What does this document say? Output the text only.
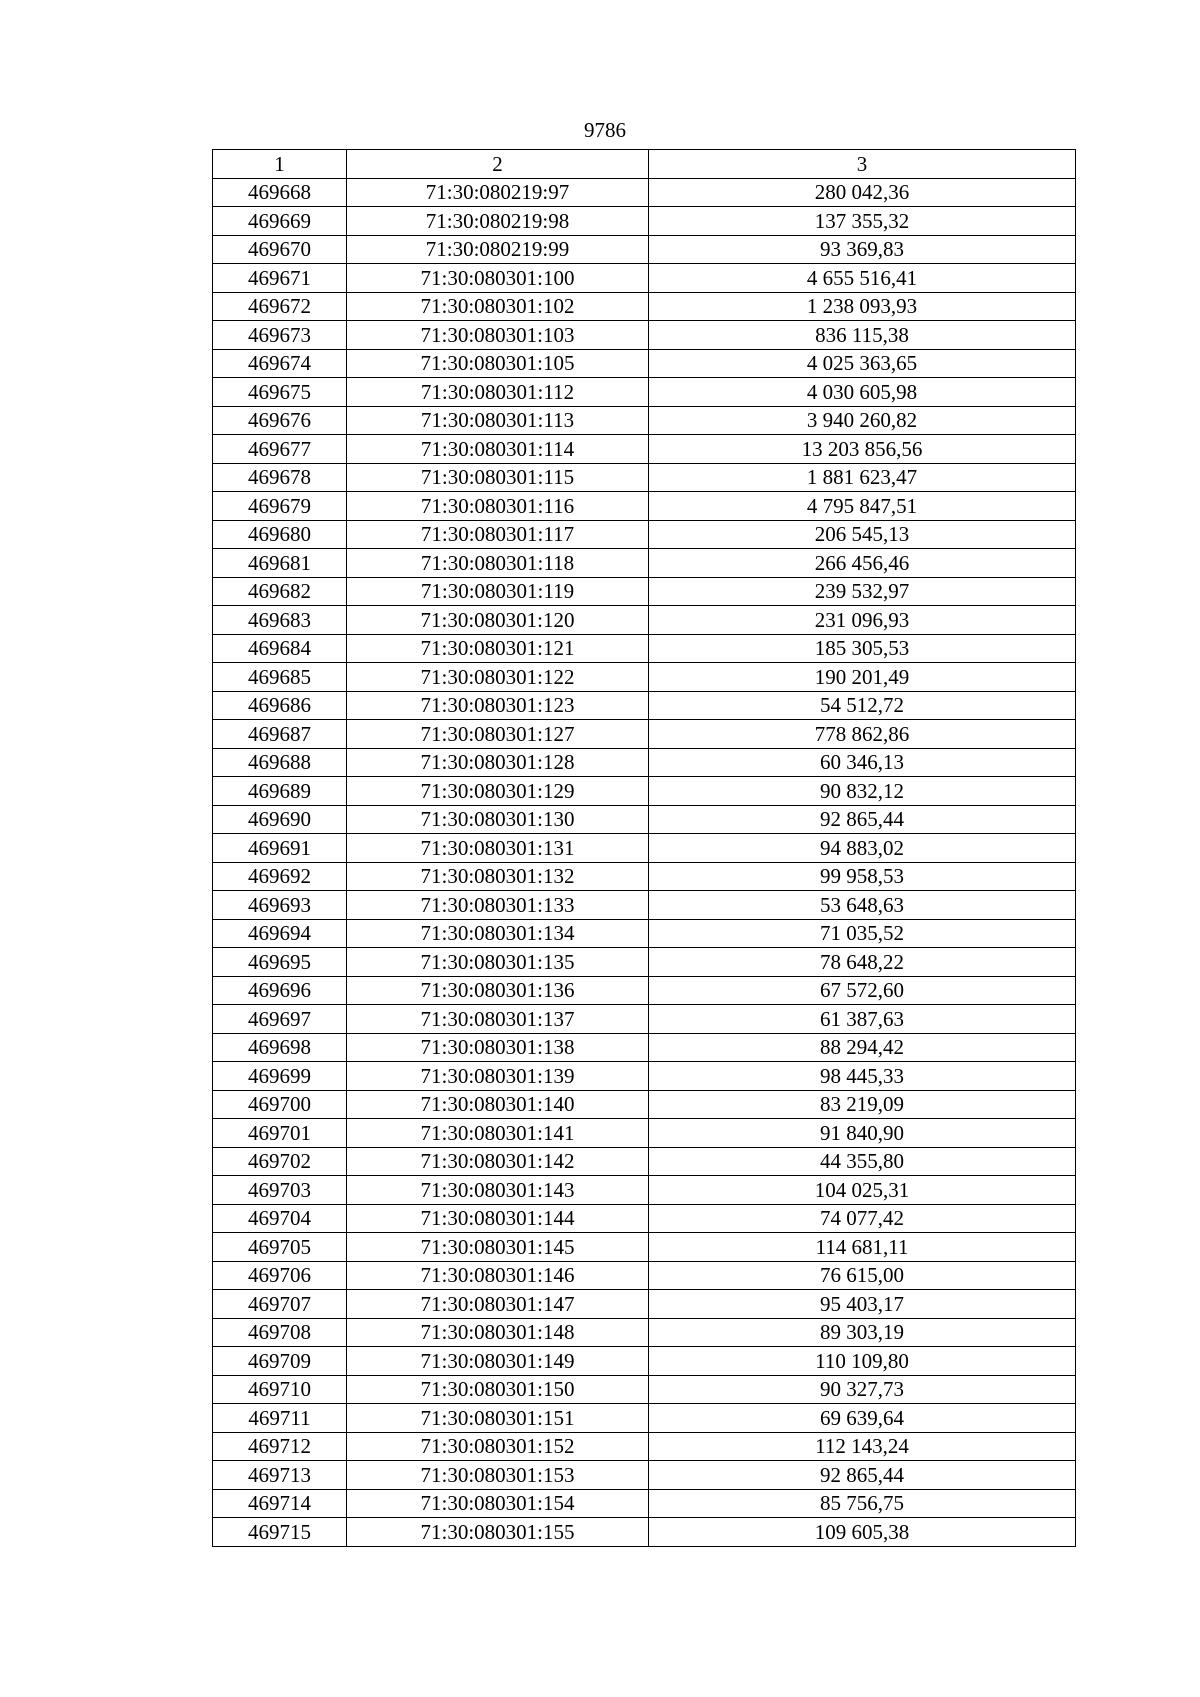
9786
1	2	3
469668	71:30:080219:97	280 042,36
469669	71:30:080219:98	137 355,32
469670	71:30:080219:99	93 369,83
469671	71:30:080301:100	4 655 516,41
469672	71:30:080301:102	1 238 093,93
469673	71:30:080301:103	836 115,38
469674	71:30:080301:105	4 025 363,65
469675	71:30:080301:112	4 030 605,98
469676	71:30:080301:113	3 940 260,82
469677	71:30:080301:114	13 203 856,56
469678	71:30:080301:115	1 881 623,47
469679	71:30:080301:116	4 795 847,51
469680	71:30:080301:117	206 545,13
469681	71:30:080301:118	266 456,46
469682	71:30:080301:119	239 532,97
469683	71:30:080301:120	231 096,93
469684	71:30:080301:121	185 305,53
469685	71:30:080301:122	190 201,49
469686	71:30:080301:123	54 512,72
469687	71:30:080301:127	778 862,86
469688	71:30:080301:128	60 346,13
469689	71:30:080301:129	90 832,12
469690	71:30:080301:130	92 865,44
469691	71:30:080301:131	94 883,02
469692	71:30:080301:132	99 958,53
469693	71:30:080301:133	53 648,63
469694	71:30:080301:134	71 035,52
469695	71:30:080301:135	78 648,22
469696	71:30:080301:136	67 572,60
469697	71:30:080301:137	61 387,63
469698	71:30:080301:138	88 294,42
469699	71:30:080301:139	98 445,33
469700	71:30:080301:140	83 219,09
469701	71:30:080301:141	91 840,90
469702	71:30:080301:142	44 355,80
469703	71:30:080301:143	104 025,31
469704	71:30:080301:144	74 077,42
469705	71:30:080301:145	114 681,11
469706	71:30:080301:146	76 615,00
469707	71:30:080301:147	95 403,17
469708	71:30:080301:148	89 303,19
469709	71:30:080301:149	110 109,80
469710	71:30:080301:150	90 327,73
469711	71:30:080301:151	69 639,64
469712	71:30:080301:152	112 143,24
469713	71:30:080301:153	92 865,44
469714	71:30:080301:154	85 756,75
469715	71:30:080301:155	109 605,38
